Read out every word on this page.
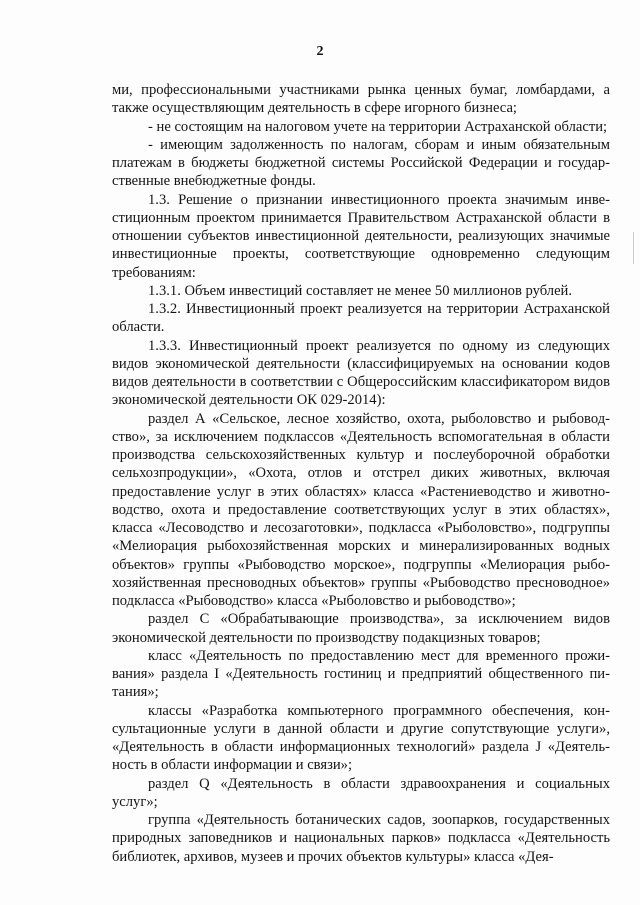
2

ми, профессиональными участниками рынка ценных бумаг, ломбардами, а также осуществляющим деятельность в сфере игорного бизнеса;

- не состоящим на налоговом учете на территории Астраханской области;

- имеющим задолженность по налогам, сборам и иным обязательным платежам в бюджеты бюджетной системы Российской Федерации и государственные внебюджетные фонды.

1.3. Решение о признании инвестиционного проекта значимым инвестиционным проектом принимается Правительством Астраханской области в отношении субъектов инвестиционной деятельности, реализующих значимые инвестиционные проекты, соответствующие одновременно следующим требованиям:

1.3.1. Объем инвестиций составляет не менее 50 миллионов рублей.

1.3.2. Инвестиционный проект реализуется на территории Астраханской области.

1.3.3. Инвестиционный проект реализуется по одному из следующих видов экономической деятельности (классифицируемых на основании кодов видов деятельности в соответствии с Общероссийским классификатором видов экономической деятельности ОК 029-2014):

раздел А «Сельское, лесное хозяйство, охота, рыболовство и рыбоводство», за исключением подклассов «Деятельность вспомогательная в области производства сельскохозяйственных культур и послеуборочной обработки сельхозпродукции», «Охота, отлов и отстрел диких животных, включая предоставление услуг в этих областях» класса «Растениеводство и животноводство, охота и предоставление соответствующих услуг в этих областях», класса «Лесоводство и лесозаготовки», подкласса «Рыболовство», подгруппы «Мелиорация рыбохозяйственная морских и минерализированных водных объектов» группы «Рыбоводство морское», подгруппы «Мелиорация рыбохозяйственная пресноводных объектов» группы «Рыбоводство пресноводное» подкласса «Рыбоводство» класса «Рыболовство и рыбоводство»;

раздел С «Обрабатывающие производства», за исключением видов экономической деятельности по производству подакцизных товаров;

класс «Деятельность по предоставлению мест для временного проживания» раздела I «Деятельность гостиниц и предприятий общественного питания»;

классы «Разработка компьютерного программного обеспечения, консультационные услуги в данной области и другие сопутствующие услуги», «Деятельность в области информационных технологий» раздела J «Деятельность в области информации и связи»;

раздел Q «Деятельность в области здравоохранения и социальных услуг»;

группа «Деятельность ботанических садов, зоопарков, государственных природных заповедников и национальных парков» подкласса «Деятельность библиотек, архивов, музеев и прочих объектов культуры» класса «Дея-
